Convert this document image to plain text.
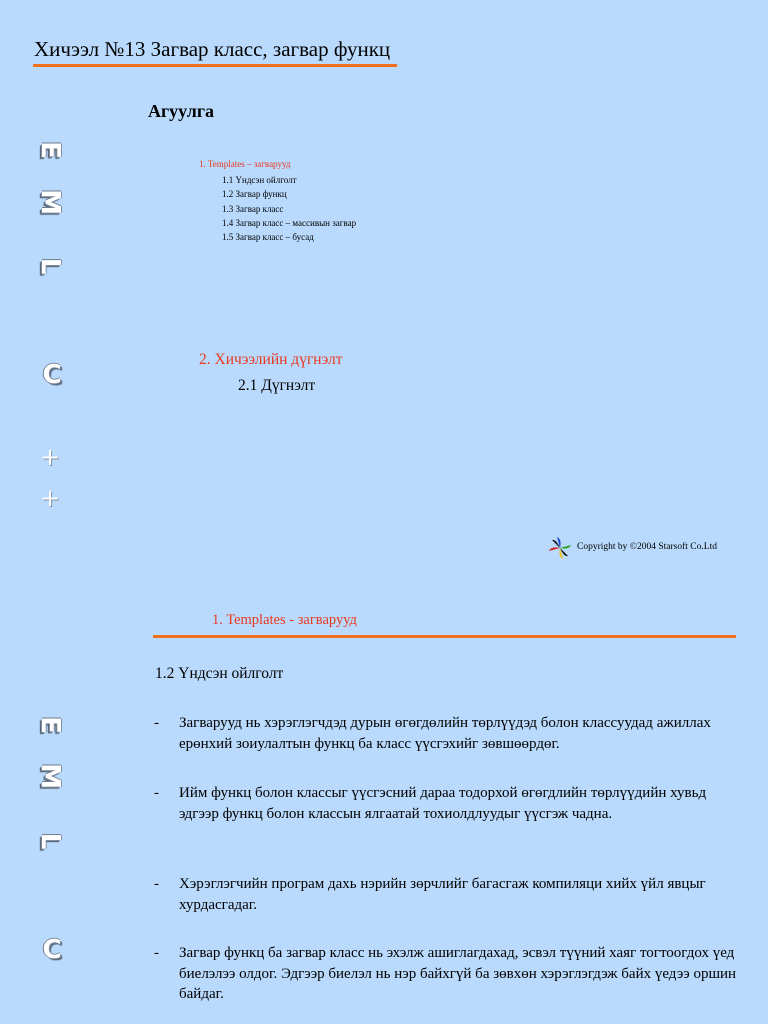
Хичээл №13 Загвар класс, загвар функц
Агуулга
E
M
L
C
+
+
1. Templates – загварууд
1.1 Үндсэн ойлголт
1.2 Загвар функц
1.3 Загвар класс
1.4 Загвар класс – массивын загвар
1.5 Загвар класс – бусад
2. Хичээлийн дүгнэлт
2.1 Дүгнэлт
Copyright by ©2004 Starsoft Co.Ltd
1. Templates - загварууд
1.2 Үндсэн ойлголт
E
M
L
C
- Загварууд нь хэрэглэгчдэд дурын өгөгдөлийн төрлүүдэд болон классуудад ажиллах ерөнхий зоиулалтын функц ба класс үүсгэхийг зөвшөөрдөг.
- Ийм функц болон классыг үүсгэсний дараа тодорхой өгөгдлийн төрлүүдийн хувьд эдгээр функц болон классын ялгаатай тохиолдлуудыг үүсгэж чадна.
- Хэрэглэгчийн програм дахь нэрийн зөрчлийг багасгаж компиляци хийх үйл явцыг хурдасгадаг.
- Загвар функц ба загвар класс нь эхэлж ашиглагдахад, эсвэл түүний хаяг тогтоогдох үед биелэлээ олдог. Эдгээр биелэл нь нэр байхгүй ба зөвхөн хэрэглэгдэж байх үедээ оршин байдаг.
